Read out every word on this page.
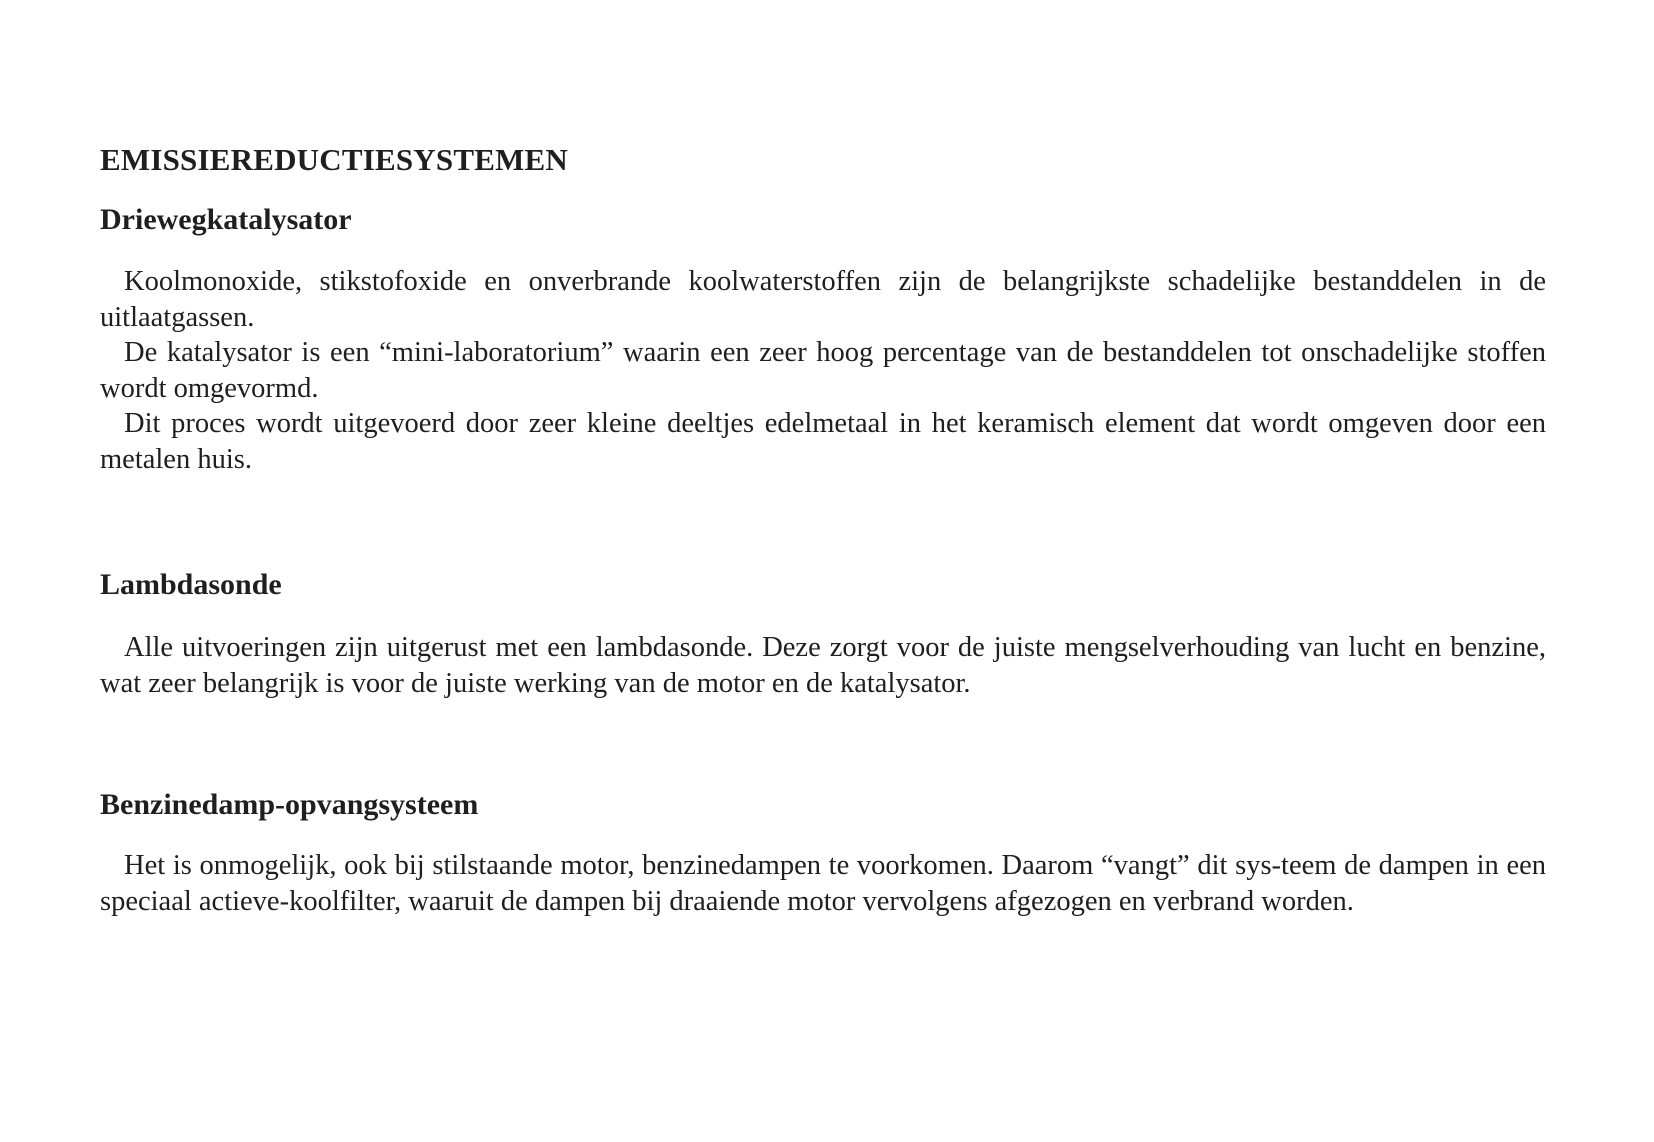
EMISSIEREDUCTIESYSTEMEN
Driewegkatalysator

Koolmonoxide, stikstofoxide en onverbrande koolwaterstoffen zijn de belangrijkste schadelijke bestanddelen in de uitlaatgassen.

De katalysator is een “mini-laboratorium” waarin een zeer hoog percentage van de bestanddelen tot onschadelijke stoffen wordt omgevormd.

Dit proces wordt uitgevoerd door zeer kleine deeltjes edelmetaal in het keramisch element dat wordt omgeven door een metalen huis.

Lambdasonde

Alle uitvoeringen zijn uitgerust met een lambdasonde. Deze zorgt voor de juiste mengselverhouding van lucht en benzine, wat zeer belangrijk is voor de juiste werking van de motor en de katalysator.

Benzinedamp-opvangsysteem

Het is onmogelijk, ook bij stilstaande motor, benzinedampen te voorkomen. Daarom “vangt” dit sys-teem de dampen in een speciaal actieve-koolfilter, waaruit de dampen bij draaiende motor vervolgens afgezogen en verbrand worden.
